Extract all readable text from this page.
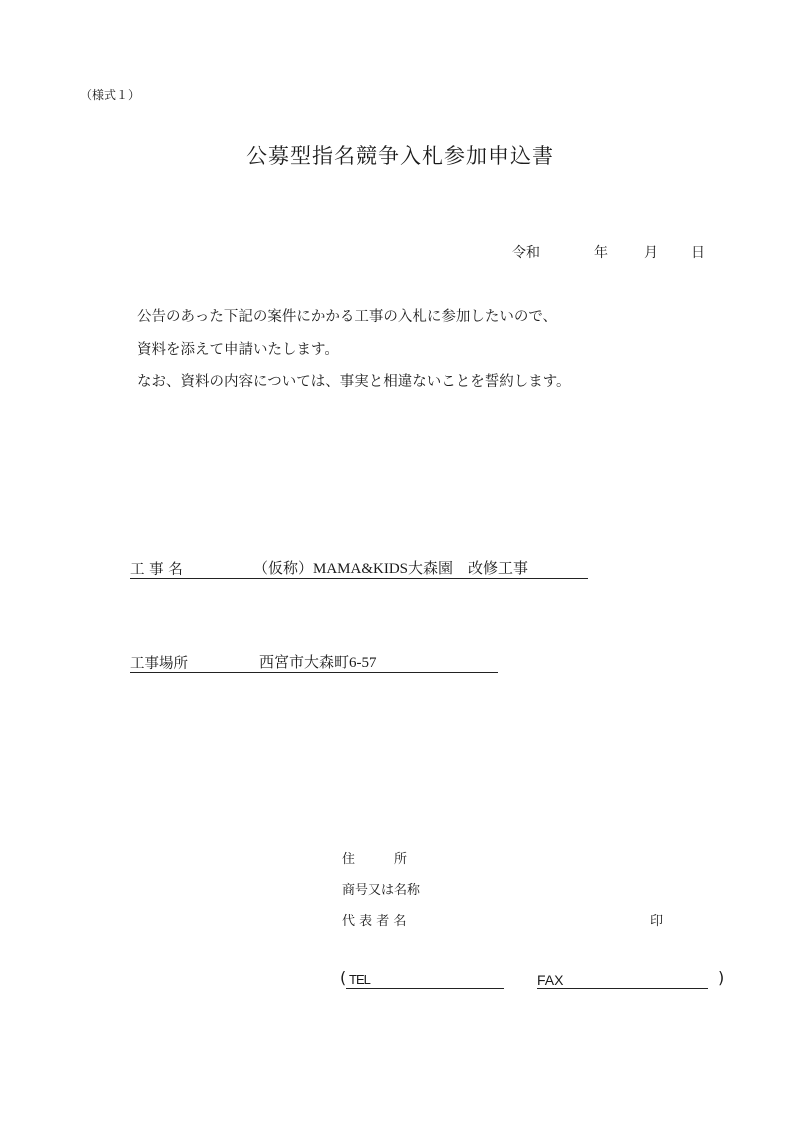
（様式１）
公募型指名競争入札参加申込書
令和	年	月 日
公告のあった下記の案件にかかる工事の入札に参加したいので、
資料を添えて申請いたします。
なお、資料の内容については、事実と相違ないことを誓約します。
工 事 名	（仮称）MAMA&KIDS大森園　改修工事
工事場所	西宮市大森町6-57
住　　　所
商号又は名称
代 表 者 名	印
( TEL	FAX	)
